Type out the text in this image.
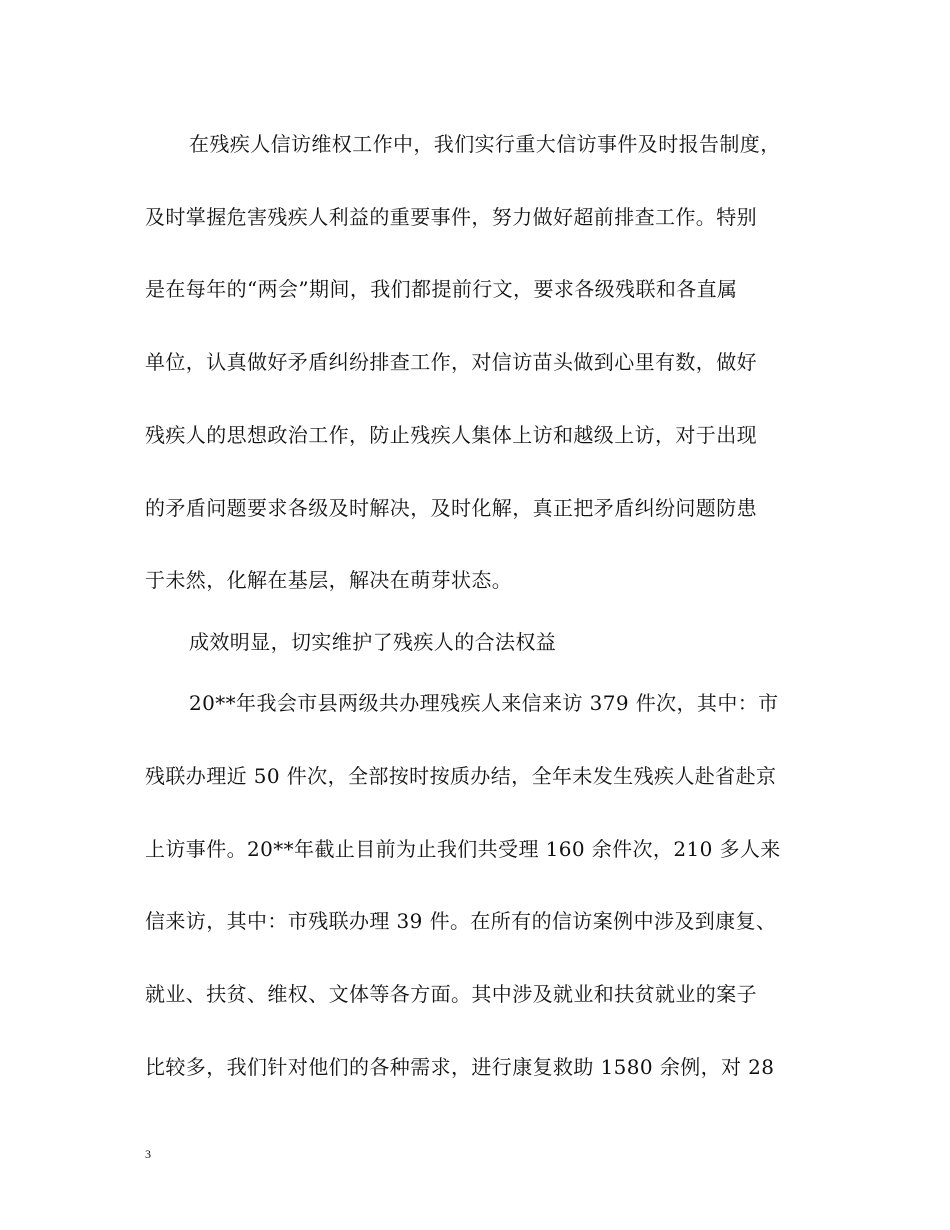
在残疾人信访维权工作中，我们实行重大信访事件及时报告制度，
及时掌握危害残疾人利益的重要事件，努力做好超前排查工作。特别
是在每年的“两会”期间，我们都提前行文，要求各级残联和各直属
单位，认真做好矛盾纠纷排查工作，对信访苗头做到心里有数，做好
残疾人的思想政治工作，防止残疾人集体上访和越级上访，对于出现
的矛盾问题要求各级及时解决，及时化解，真正把矛盾纠纷问题防患
于未然，化解在基层，解决在萌芽状态。
成效明显，切实维护了残疾人的合法权益
20**年我会市县两级共办理残疾人来信来访 379 件次，其中：市
残联办理近 50 件次，全部按时按质办结，全年未发生残疾人赴省赴京
上访事件。20**年截止目前为止我们共受理 160 余件次，210 多人来
信来访，其中：市残联办理 39 件。在所有的信访案例中涉及到康复、
就业、扶贫、维权、文体等各方面。其中涉及就业和扶贫就业的案子
比较多，我们针对他们的各种需求，进行康复救助 1580 余例，对 28
3
